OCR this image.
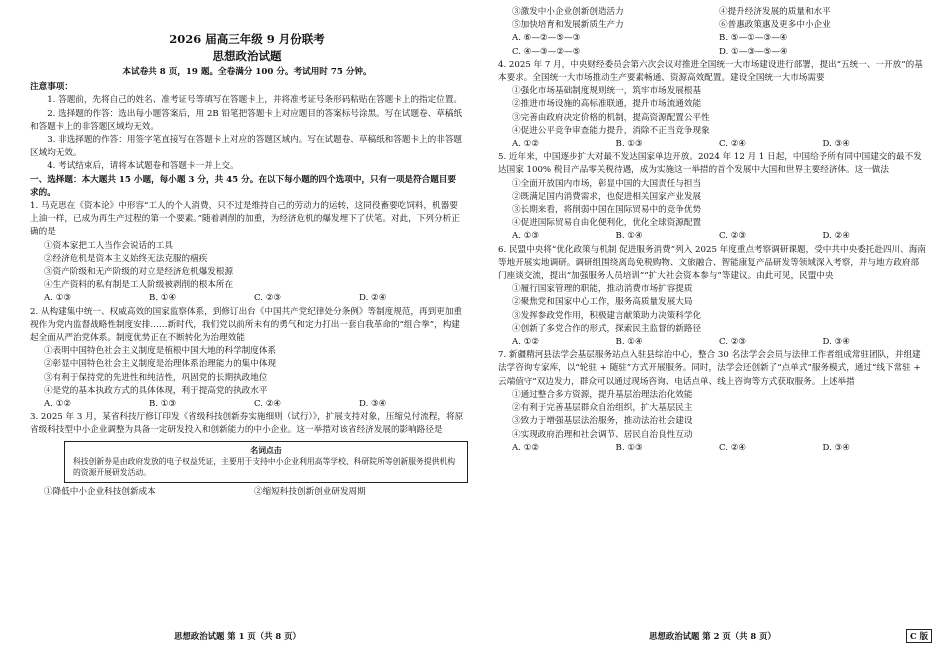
2026 届高三年级 9 月份联考
思想政治试题
本试卷共 8 页，19 题。全卷满分 100 分。考试用时 75 分钟。

注意事项：

1. 答题前，先将自己的姓名、准考证号等填写在答题卡上，并将准考证号条形码粘贴在答题卡上的指定位置。

2. 选择题的作答：选出每小题答案后，用 2B 铅笔把答题卡上对应题目的答案标号涂黑。写在试题卷、草稿纸和答题卡上的非答题区域均无效。

3. 非选择题的作答：用签字笔直接写在答题卡上对应的答题区域内。写在试题卷、草稿纸和答题卡上的非答题区域均无效。

4. 考试结束后，请将本试题卷和答题卡一并上交。

一、选择题：本大题共 15 小题，每小题 3 分，共 45 分。在以下每小题的四个选项中，只有一项是符合题目要求的。

1. 马克思在《资本论》中形容“工人的个人消费，只不过是维持自己的劳动力的运转，这同役畜要吃饲料，机器要上油一样，已成为再生产过程的第一个要素。”随着剥削的加重，为经济危机的爆发埋下了伏笔。对此，下列分析正确的是

①资本家把工人当作会说话的工具

②经济危机是资本主义始终无法克服的痼疾

③资产阶级和无产阶级的对立是经济危机爆发根源

④生产资料的私有制是工人阶级被剥削的根本所在

A. ①③	B. ①④	C. ②③	D. ②④

2. 从构建集中统一、权威高效的国家监察体系，到修订出台《中国共产党纪律处分条例》等制度规范，再到更加重视作为党内监督战略性制度安排……新时代，我们党以前所未有的勇气和定力打出一套自我革命的“组合拳”，构建起全面从严治党体系。制度优势正在不断转化为治理效能

①表明中国特色社会主义制度是植根中国大地的科学制度体系

②彰显中国特色社会主义制度是治理体系治理能力的集中体现

③有利于保持党的先进性和纯洁性，巩固党的长期执政地位

④是党的基本执政方式的具体体现，利于提高党的执政水平

A. ①②	B. ①③	C. ②④	D. ③④

3. 2025 年 3 月，某省科技厅修订印发《省级科技创新券实施细则（试行）》，扩展支持对象，压缩兑付流程，将原省级科技型中小企业调整为具备一定研发投入和创新能力的中小企业。这一举措对该省经济发展的影响路径是

名词点击
科技创新券是由政府发放的电子权益凭证，主要用于支持中小企业利用高等学校、科研院所等创新服务提供机构的资源开展研发活动。
①降低中小企业科技创新成本	②缩短科技创新创业研发周期
思想政治试题 第 1 页（共 8 页）
③激发中小企业创新创造活力	④提升经济发展的质量和水平
⑤加快培育和发展新质生产力	⑥普惠政策惠及更多中小企业
A. ⑥—②—⑤—③	B. ⑤—①—③—④
C. ④—③—②—⑤	D. ①—③—⑤—④

4. 2025 年 7 月，中央财经委员会第六次会议对推进全国统一大市场建设进行部署，提出“五统一、一开放”的基本要求。全国统一大市场推动生产要素畅通、资源高效配置。建设全国统一大市场需要

①强化市场基础制度规则统一，筑牢市场发展根基

②推进市场设施的高标准联通，提升市场流通效能

③完善由政府决定价格的机制，提高资源配置公平性

④促进公平竞争审查能力提升，消除不正当竞争现象

A. ①②	B. ①③	C. ②④	D. ③④

5. 近年来，中国逐步扩大对最不发达国家单边开放。2024 年 12 月 1 日起，中国给予所有同中国建交的最不发达国家 100% 税目产品零关税待遇，成为实施这一举措的首个发展中大国和世界主要经济体。这一做法

①全面开放国内市场，彰显中国的大国责任与担当

②既满足国内消费需求，也促进相关国家产业发展

③长期来看，将削弱中国在国际贸易中的竞争优势

④促进国际贸易自由化便利化，优化全球资源配置

A. ①③	B. ①④	C. ②③	D. ②④

6. 民盟中央将“优化政策与机制 促进服务消费”列入 2025 年度重点考察调研课题，受中共中央委托赴四川、海南等地开展实地调研。调研组围绕离岛免税购物、文旅融合、智能康复产品研发等领域深入考察，并与地方政府部门座谈交流，提出“加强服务人员培训”“扩大社会资本参与”等建议。由此可见，民盟中央

①履行国家管理的职能，推动消费市场扩容提质

②聚焦党和国家中心工作，服务高质量发展大局

③发挥参政党作用，积极建言献策助力决策科学化

④创新了多党合作的形式，探索民主监督的新路径

A. ①②	B. ①④	C. ②③	D. ③④

7. 新疆精河县法学会基层服务站点入驻县综治中心，整合 30 名法学会会员与法律工作者组成常驻团队，并组建法学咨询专家库，以“轮驻 + 随驻”方式开展服务。同时，法学会还创新了“点单式”服务模式，通过“线下常驻 + 云端值守”双边发力，群众可以通过现场咨询、电话点单、线上咨询等方式获取服务。上述举措

①通过整合多方资源，提升基层治理法治化效能

②有利于完善基层群众自治组织，扩大基层民主

③致力于增强基层法治服务，推动法治社会建设

④实现政府治理和社会调节、居民自治良性互动

A. ①②	B. ①③	C. ②④	D. ③④
思想政治试题 第 2 页（共 8 页）	C 版
